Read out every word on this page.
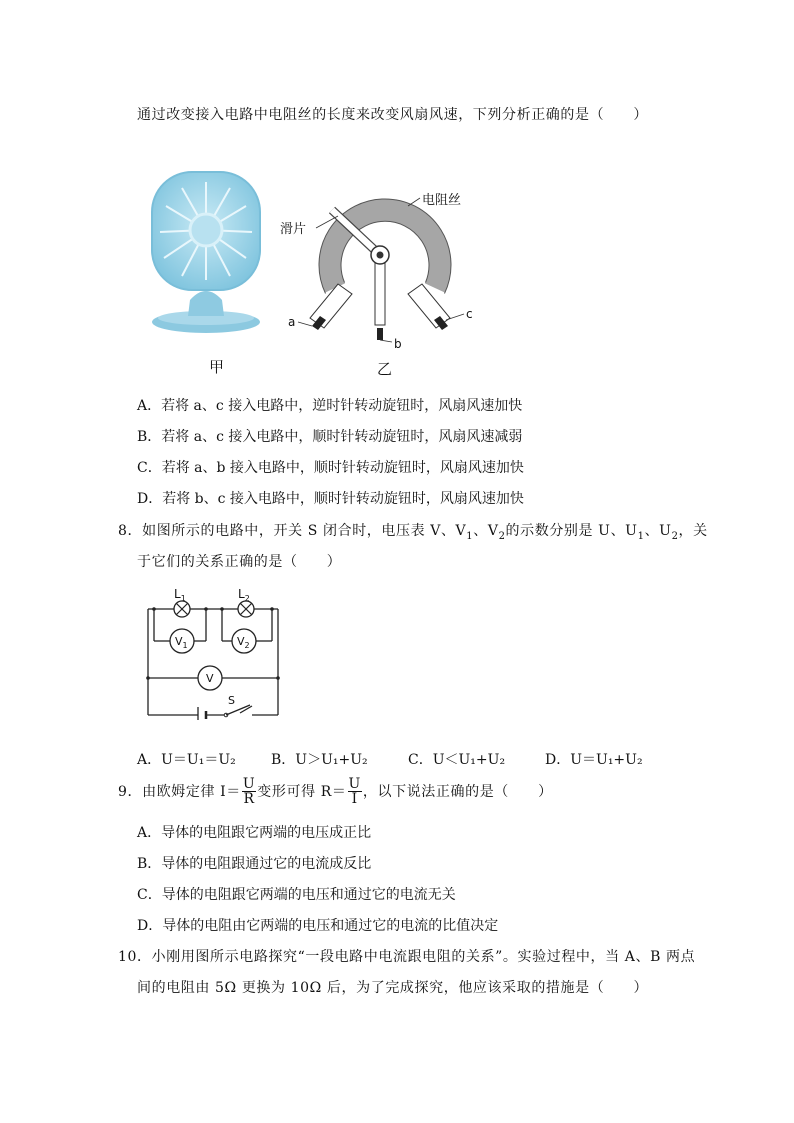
通过改变接入电路中电阻丝的长度来改变风扇风速，下列分析正确的是（　　）
电阻丝
滑片
a
b
c
甲	乙
A．若将 a、c 接入电路中，逆时针转动旋钮时，风扇风速加快
B．若将 a、c 接入电路中，顺时针转动旋钮时，风扇风速减弱
C．若将 a、b 接入电路中，顺时针转动旋钮时，风扇风速加快
D．若将 b、c 接入电路中，顺时针转动旋钮时，风扇风速加快
8．如图所示的电路中，开关 S 闭合时，电压表 V、$V_1$、$V_2$的示数分别是 U、$U_1$、$U_2$，关
于它们的关系正确的是（　　）
$L_1$	$L_2$
$V_1$	$V_2$
V
S
A．U＝U₁＝U₂	B．U＞U₁+U₂	C．U＜U₁+U₂	D．U＝U₁+U₂
9．由欧姆定律 $I= \frac{U}{R}$ 变形可得 $R= \frac{U}{I}$ ，以下说法正确的是（　　）
A．导体的电阻跟它两端的电压成正比
B．导体的电阻跟通过它的电流成反比
C．导体的电阻跟它两端的电压和通过它的电流无关
D．导体的电阻由它两端的电压和通过它的电流的比值决定
10．小刚用图所示电路探究“一段电路中电流跟电阻的关系”。实验过程中，当 A、B 两点
间的电阻由 5Ω 更换为 10Ω 后，为了完成探究，他应该采取的措施是（　　）
